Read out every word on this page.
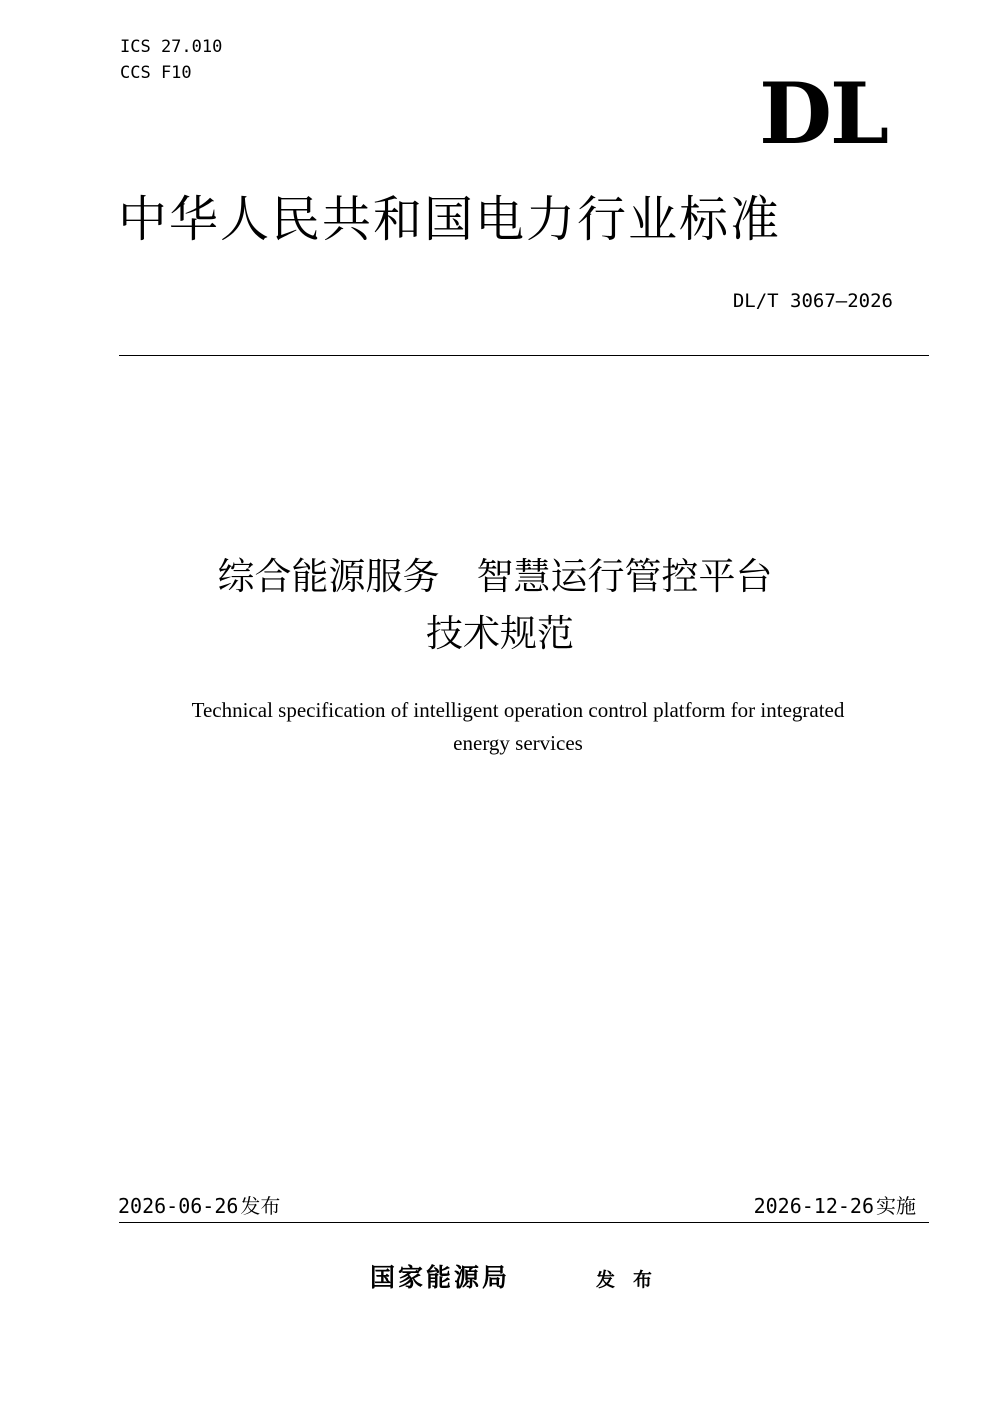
ICS 27.010
CCS F10	DL
中华人民共和国电力行业标准
DL/T 3067—2026
综合能源服务　智慧运行管控平台
技术规范
Technical specification of intelligent operation control platform for integrated
energy services
2026-06-26 发布	2026-12-26 实施
国家能源局	发布
